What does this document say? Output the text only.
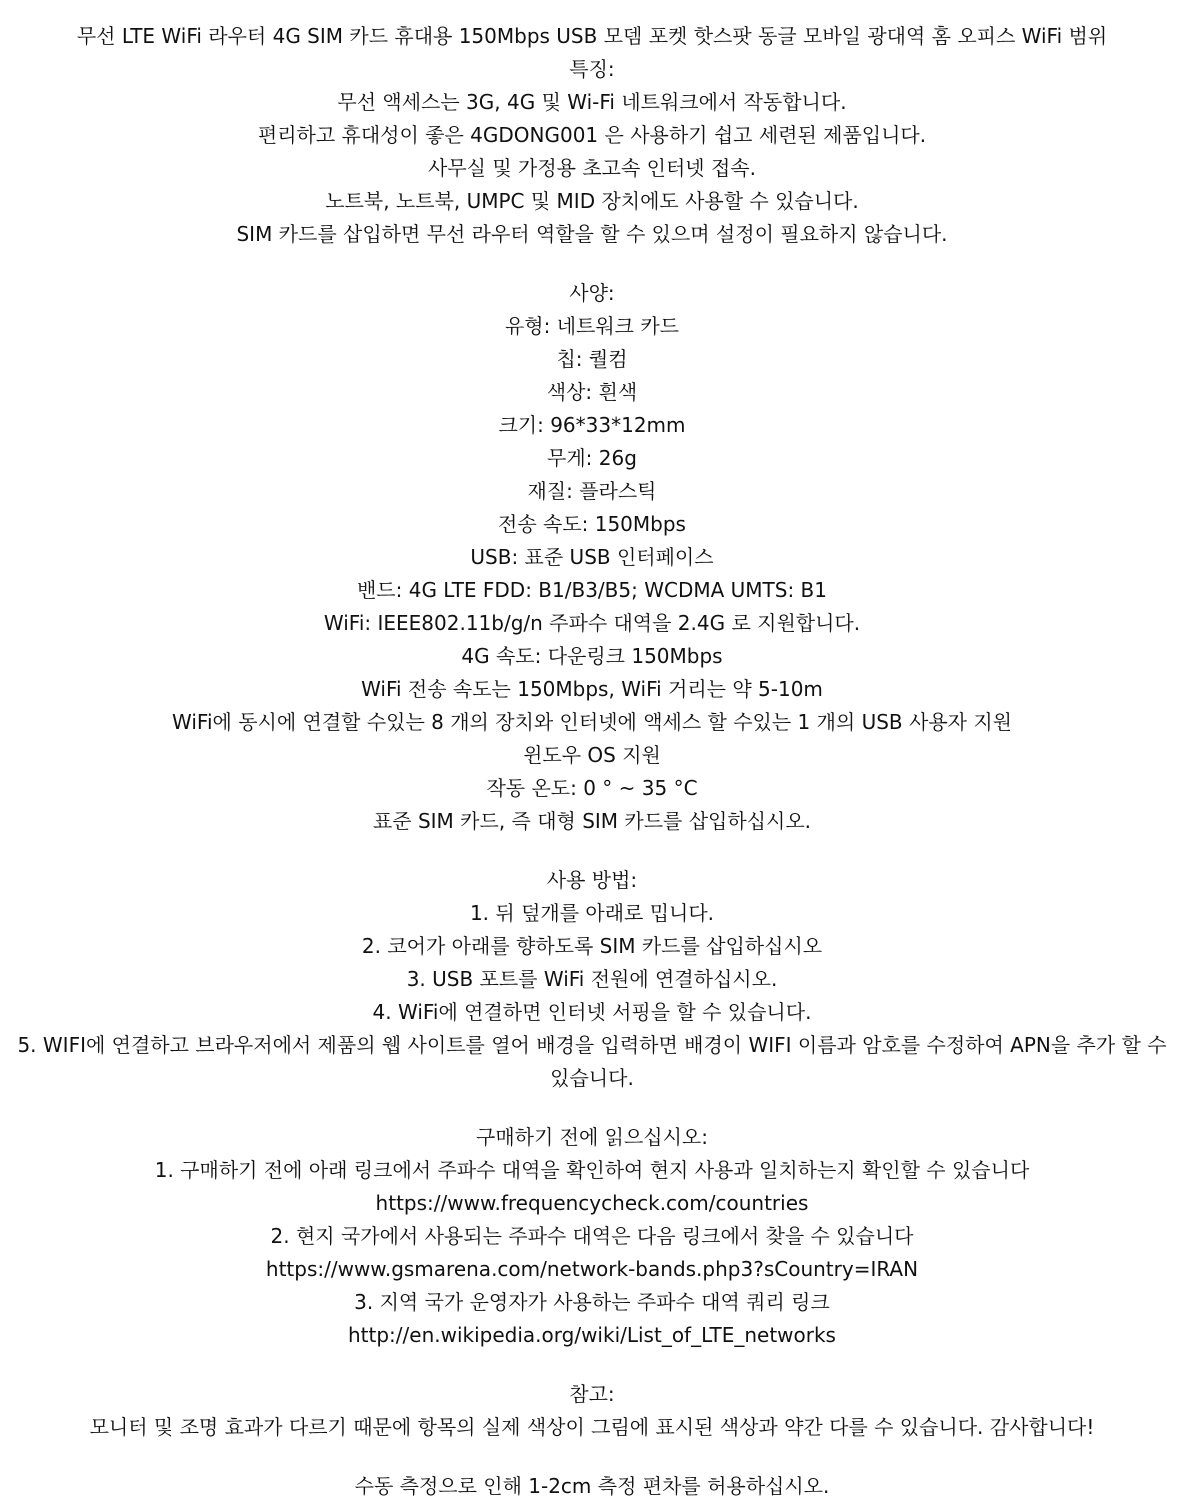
무선 LTE WiFi 라우터 4G SIM 카드 휴대용 150Mbps USB 모뎀 포켓 핫스팟 동글 모바일 광대역 홈 오피스 WiFi 범위
특징:
무선 액세스는 3G, 4G 및 Wi-Fi 네트워크에서 작동합니다.
편리하고 휴대성이 좋은 4GDONG001 은 사용하기 쉽고 세련된 제품입니다.
사무실 및 가정용 초고속 인터넷 접속.
노트북, 노트북, UMPC 및 MID 장치에도 사용할 수 있습니다.
SIM 카드를 삽입하면 무선 라우터 역할을 할 수 있으며 설정이 필요하지 않습니다.
사양:
유형: 네트워크 카드
칩: 퀄컴
색상: 흰색
크기: 96*33*12mm
무게: 26g
재질: 플라스틱
전송 속도: 150Mbps
USB: 표준 USB 인터페이스
밴드: 4G LTE FDD: B1/B3/B5; WCDMA UMTS: B1
WiFi: IEEE802.11b/g/n 주파수 대역을 2.4G 로 지원합니다.
4G 속도: 다운링크 150Mbps
WiFi 전송 속도는 150Mbps, WiFi 거리는 약 5-10m
WiFi에 동시에 연결할 수있는 8 개의 장치와 인터넷에 액세스 할 수있는 1 개의 USB 사용자 지원
윈도우 OS 지원
작동 온도: 0 ° ~ 35 °C
표준 SIM 카드, 즉 대형 SIM 카드를 삽입하십시오.
사용 방법:
1. 뒤 덮개를 아래로 밉니다.
2. 코어가 아래를 향하도록 SIM 카드를 삽입하십시오
3. USB 포트를 WiFi 전원에 연결하십시오.
4. WiFi에 연결하면 인터넷 서핑을 할 수 있습니다.
5. WIFI에 연결하고 브라우저에서 제품의 웹 사이트를 열어 배경을 입력하면 배경이 WIFI 이름과 암호를 수정하여 APN을 추가 할 수 있습니다.
구매하기 전에 읽으십시오:
1. 구매하기 전에 아래 링크에서 주파수 대역을 확인하여 현지 사용과 일치하는지 확인할 수 있습니다
https://www.frequencycheck.com/countries
2. 현지 국가에서 사용되는 주파수 대역은 다음 링크에서 찾을 수 있습니다
https://www.gsmarena.com/network-bands.php3?sCountry=IRAN
3. 지역 국가 운영자가 사용하는 주파수 대역 쿼리 링크
http://en.wikipedia.org/wiki/List_of_LTE_networks
참고:
모니터 및 조명 효과가 다르기 때문에 항목의 실제 색상이 그림에 표시된 색상과 약간 다를 수 있습니다. 감사합니다!
수동 측정으로 인해 1-2cm 측정 편차를 허용하십시오.
